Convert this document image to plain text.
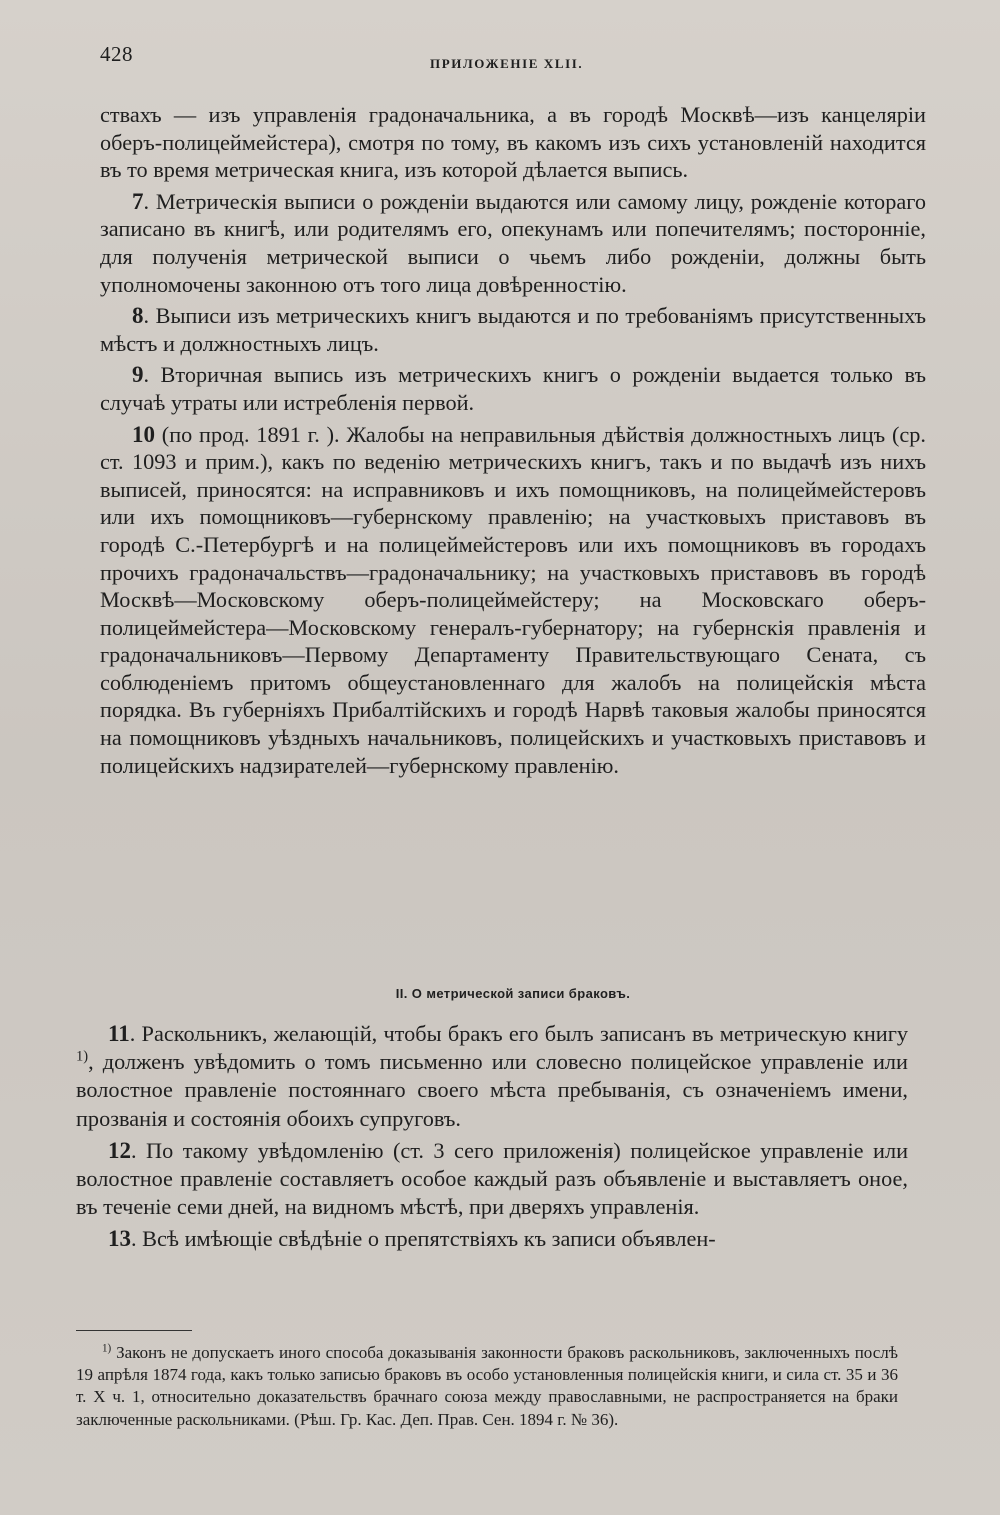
428	ПРИЛОЖЕНІЕ XLII.

ствахъ — изъ управленія градоначальника, а въ городѣ Москвѣ—изъ канцеляріи оберъ-полицеймейстера), смотря по тому, въ какомъ изъ сихъ установленій находится въ то время метрическая книга, изъ которой дѣлается выпись.

7. Метрическія выписи о рожденіи выдаются или самому лицу, рожденіе котораго записано въ книгѣ, или родителямъ его, опекунамъ или попечителямъ; посторонніе, для полученія метрической выписи о чьемъ либо рожденіи, должны быть уполномочены законною отъ того лица довѣренностію.

8. Выписи изъ метрическихъ книгъ выдаются и по требованіямъ присутственныхъ мѣстъ и должностныхъ лицъ.

9. Вторичная выпись изъ метрическихъ книгъ о рожденіи выдается только въ случаѣ утраты или истребленія первой.

10 (по прод. 1891 г. ). Жалобы на неправильныя дѣйствія должностныхъ лицъ (ср. ст. 1093 и прим.), какъ по веденію метрическихъ книгъ, такъ и по выдачѣ изъ нихъ выписей, приносятся: на исправниковъ и ихъ помощниковъ, на полицеймейстеровъ или ихъ помощниковъ—губернскому правленію; на участковыхъ приставовъ въ городѣ С.-Петербургѣ и на полицеймейстеровъ или ихъ помощниковъ въ городахъ прочихъ градоначальствъ—градоначальнику; на участковыхъ приставовъ въ городѣ Москвѣ—Московскому оберъ-полицеймейстеру; на Московскаго оберъ-полицеймейстера—Московскому генералъ-губернатору; на губернскія правленія и градоначальниковъ—Первому Департаменту Правительствующаго Сената, съ соблюденіемъ притомъ общеустановленнаго для жалобъ на полицейскія мѣста порядка. Въ губерніяхъ Прибалтійскихъ и городѣ Нарвѣ таковыя жалобы приносятся на помощниковъ уѣздныхъ начальниковъ, полицейскихъ и участковыхъ приставовъ и полицейскихъ надзирателей—губернскому правленію.

II. О метрической записи браковъ.

11. Раскольникъ, желающій, чтобы бракъ его былъ записанъ въ метрическую книгу $^{1)}$, долженъ увѣдомить о томъ письменно или словесно полицейское управленіе или волостное правленіе постояннаго своего мѣста пребыванія, съ означеніемъ имени, прозванія и состоянія обоихъ супруговъ.

12. По такому увѣдомленію (ст. 3 сего приложенія) полицейское управленіе или волостное правленіе составляетъ особое каждый разъ объявленіе и выставляетъ оное, въ теченіе семи дней, на видномъ мѣстѣ, при дверяхъ управленія.

13. Всѣ имѣющіе свѣдѣніе о препятствіяхъ къ записи объявлен-

$^{1)}$ Законъ не допускаетъ иного способа доказыванія законности браковъ раскольниковъ, заключенныхъ послѣ 19 апрѣля 1874 года, какъ только записью браковъ въ особо установленныя полицейскія книги, и сила ст. 35 и 36 т. X ч. 1, относительно доказательствъ брачнаго союза между православными, не распространяется на браки заключенные раскольниками. (Рѣш. Гр. Кас. Деп. Прав. Сен. 1894 г. № 36).
